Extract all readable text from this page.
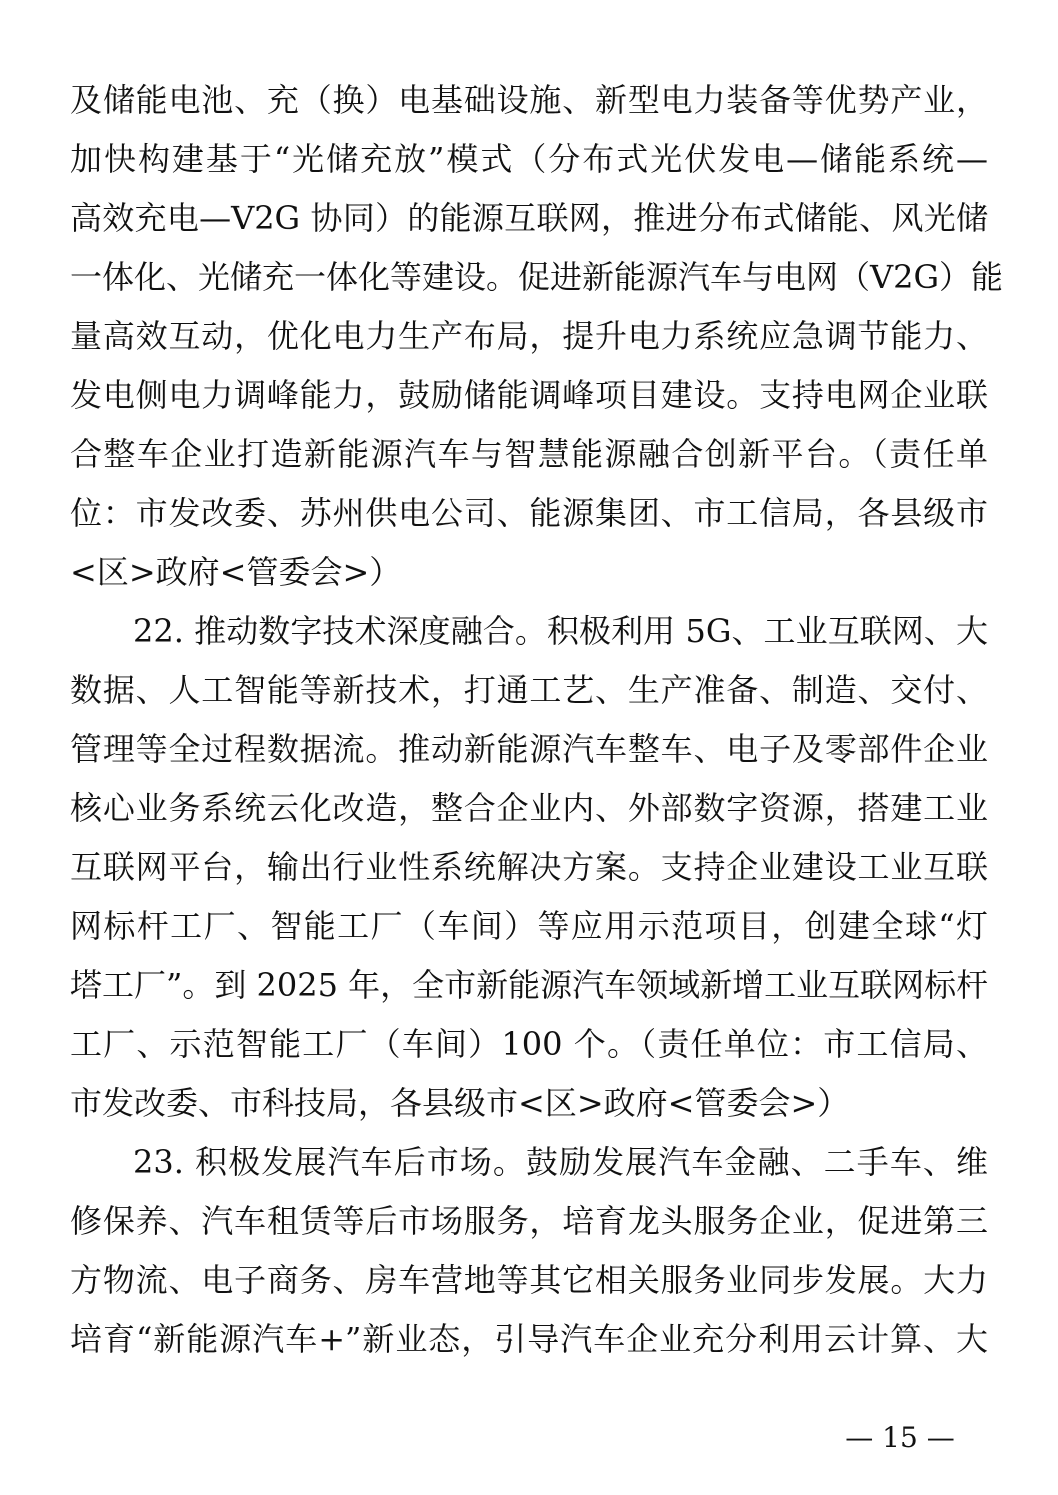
及储能电池、充（换）电基础设施、新型电力装备等优势产业，
加快构建基于“光储充放”模式（分布式光伏发电—储能系统—
高效充电—V2G 协同）的能源互联网，推进分布式储能、风光储
一体化、光储充一体化等建设。促进新能源汽车与电网（V2G）能
量高效互动，优化电力生产布局，提升电力系统应急调节能力、
发电侧电力调峰能力，鼓励储能调峰项目建设。支持电网企业联
合整车企业打造新能源汽车与智慧能源融合创新平台。（责任单
位：市发改委、苏州供电公司、能源集团、市工信局，各县级市
<区>政府<管委会>）
22. 推动数字技术深度融合。积极利用 5G、工业互联网、大
数据、人工智能等新技术，打通工艺、生产准备、制造、交付、
管理等全过程数据流。推动新能源汽车整车、电子及零部件企业
核心业务系统云化改造，整合企业内、外部数字资源，搭建工业
互联网平台，输出行业性系统解决方案。支持企业建设工业互联
网标杆工厂、智能工厂（车间）等应用示范项目，创建全球“灯
塔工厂”。到 2025 年，全市新能源汽车领域新增工业互联网标杆
工厂、示范智能工厂（车间）100 个。（责任单位：市工信局、
市发改委、市科技局，各县级市<区>政府<管委会>）
23. 积极发展汽车后市场。鼓励发展汽车金融、二手车、维
修保养、汽车租赁等后市场服务，培育龙头服务企业，促进第三
方物流、电子商务、房车营地等其它相关服务业同步发展。大力
培育“新能源汽车+”新业态，引导汽车企业充分利用云计算、大
— 15 —
